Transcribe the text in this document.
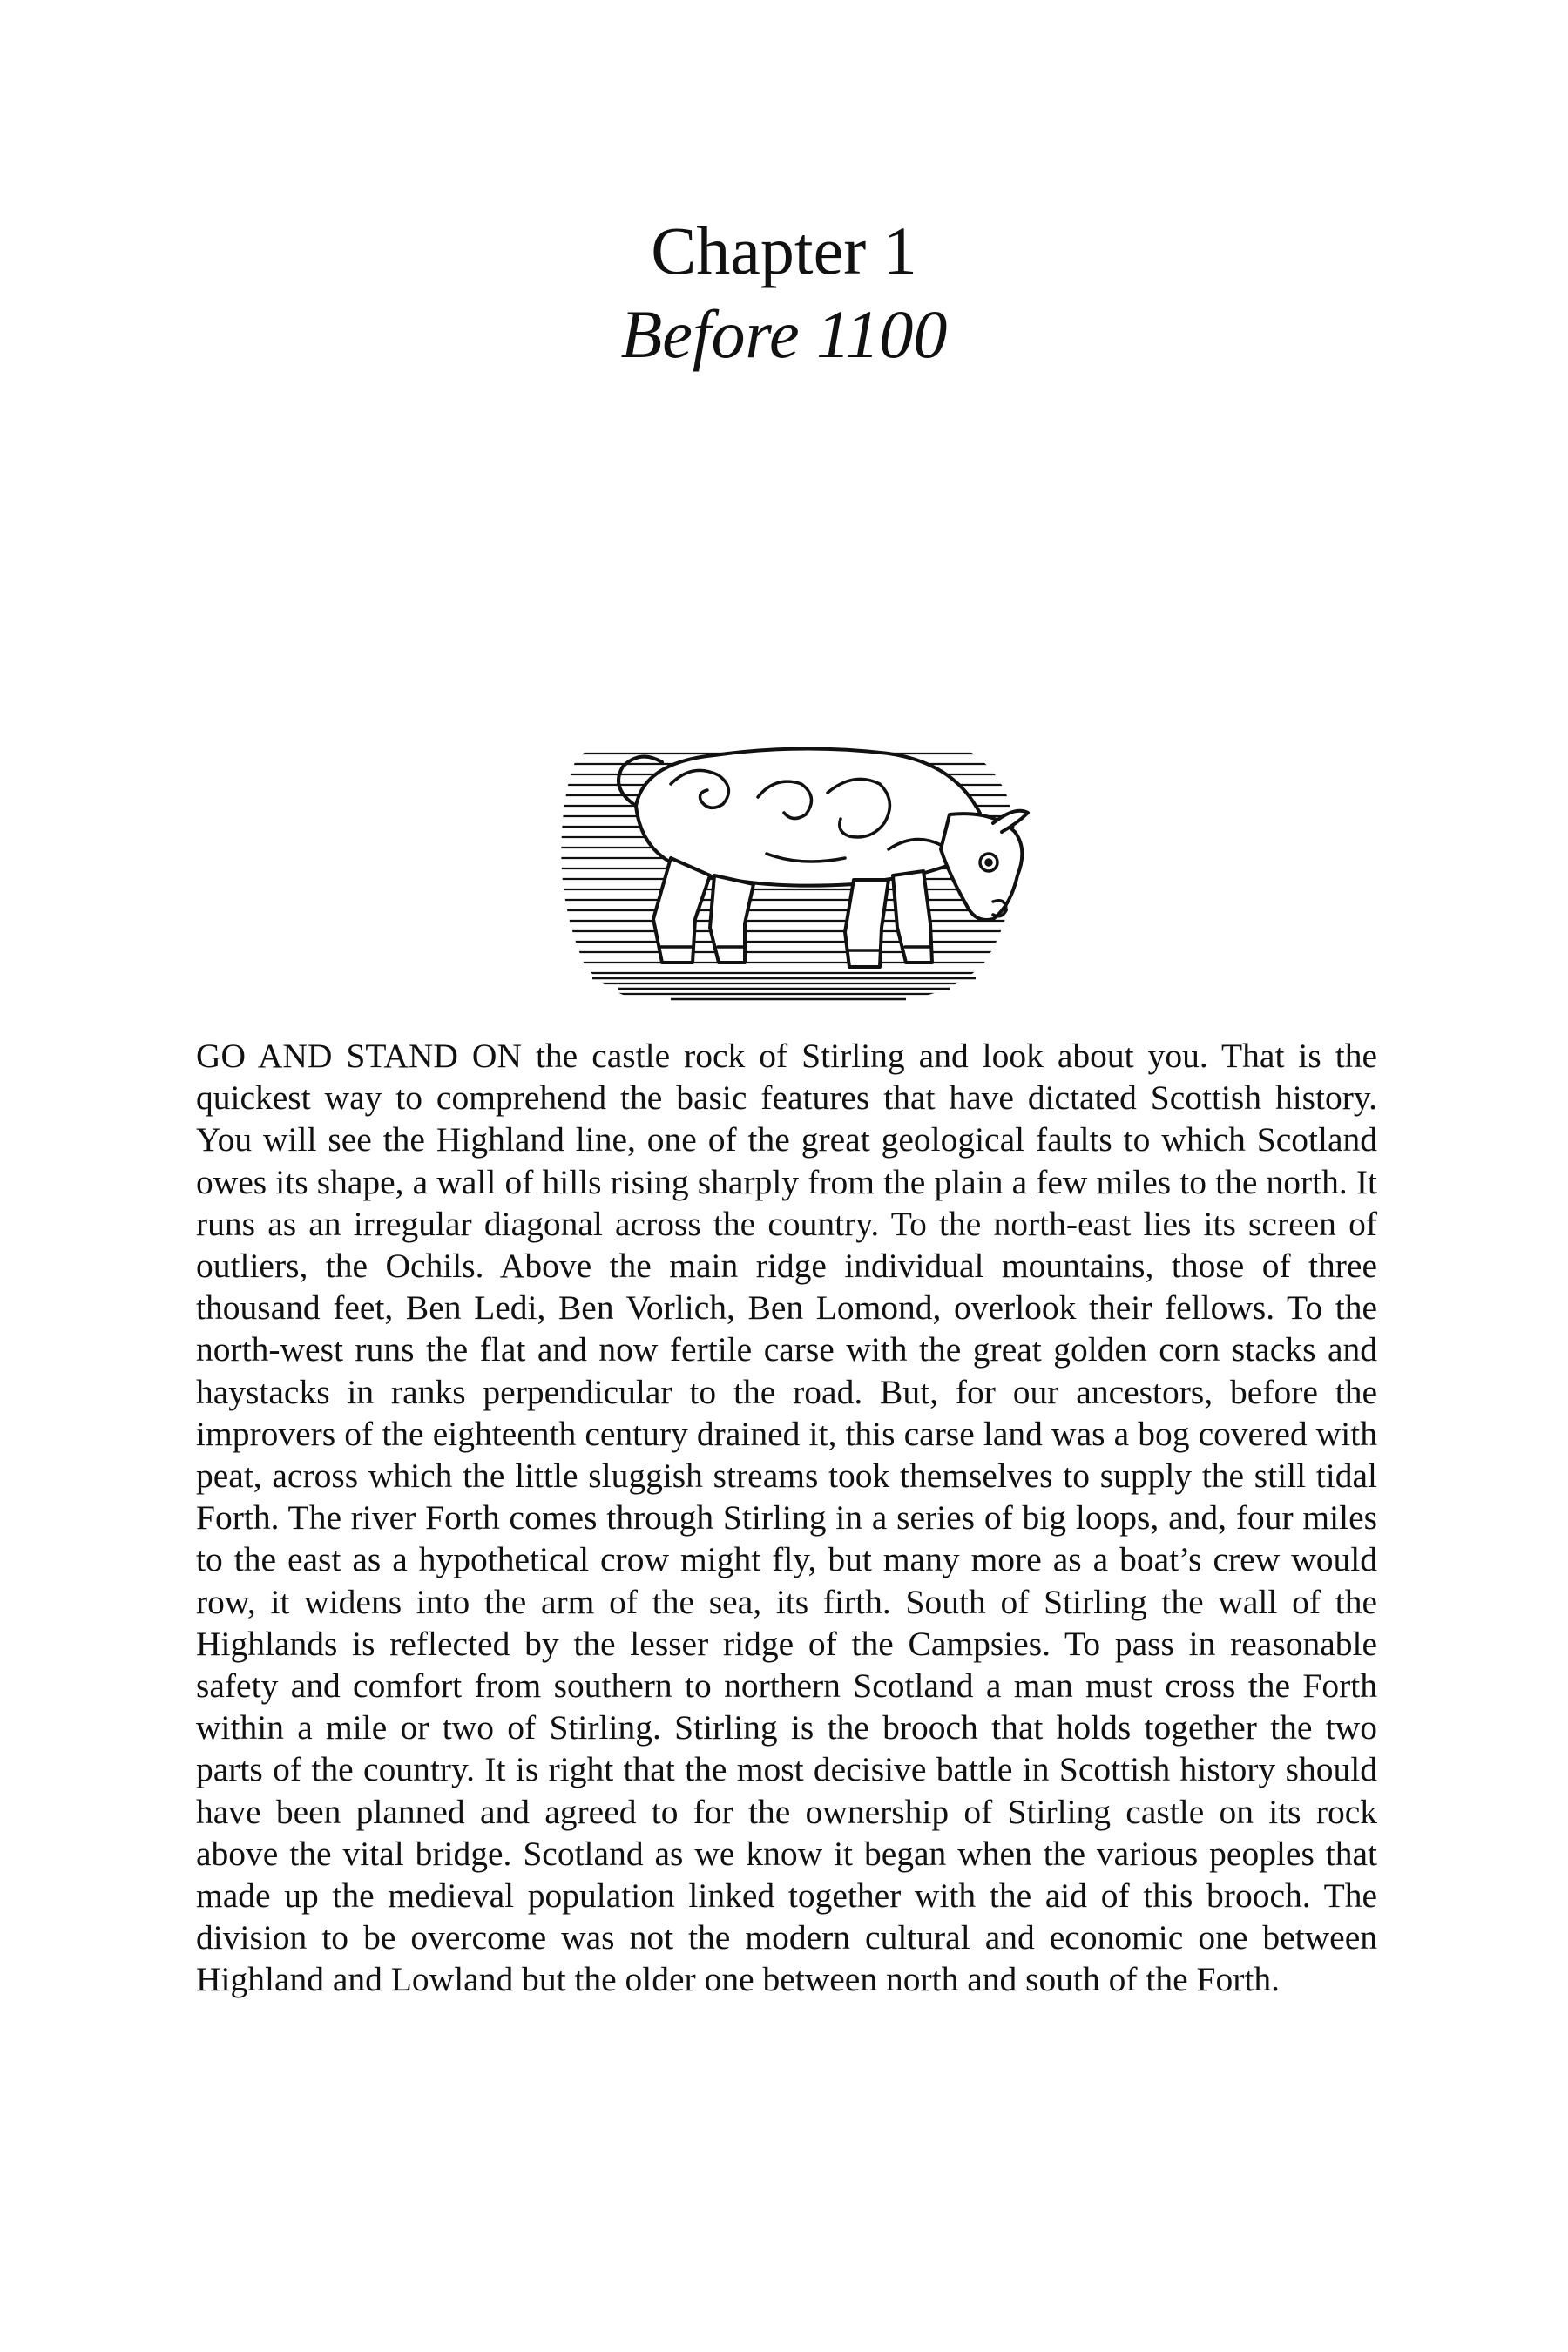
Chapter 1
Before 1100

GO AND STAND ON the castle rock of Stirling and look about you. That is the quickest way to comprehend the basic features that have dictated Scottish history. You will see the Highland line, one of the great geological faults to which Scotland owes its shape, a wall of hills rising sharply from the plain a few miles to the north. It runs as an irregular diagonal across the country. To the north-east lies its screen of outliers, the Ochils. Above the main ridge individual mountains, those of three thousand feet, Ben Ledi, Ben Vorlich, Ben Lomond, overlook their fellows. To the north-west runs the flat and now fertile carse with the great golden corn stacks and haystacks in ranks perpendicular to the road. But, for our ancestors, before the improvers of the eighteenth century drained it, this carse land was a bog covered with peat, across which the little sluggish streams took themselves to supply the still tidal Forth. The river Forth comes through Stirling in a series of big loops, and, four miles to the east as a hypothetical crow might fly, but many more as a boat’s crew would row, it widens into the arm of the sea, its firth. South of Stirling the wall of the Highlands is reflected by the lesser ridge of the Campsies. To pass in reasonable safety and comfort from southern to northern Scotland a man must cross the Forth within a mile or two of Stirling. Stirling is the brooch that holds together the two parts of the country. It is right that the most decisive battle in Scottish history should have been planned and agreed to for the ownership of Stirling castle on its rock above the vital bridge. Scotland as we know it began when the various peoples that made up the medieval population linked together with the aid of this brooch. The division to be overcome was not the modern cultural and economic one between Highland and Lowland but the older one between north and south of the Forth.
